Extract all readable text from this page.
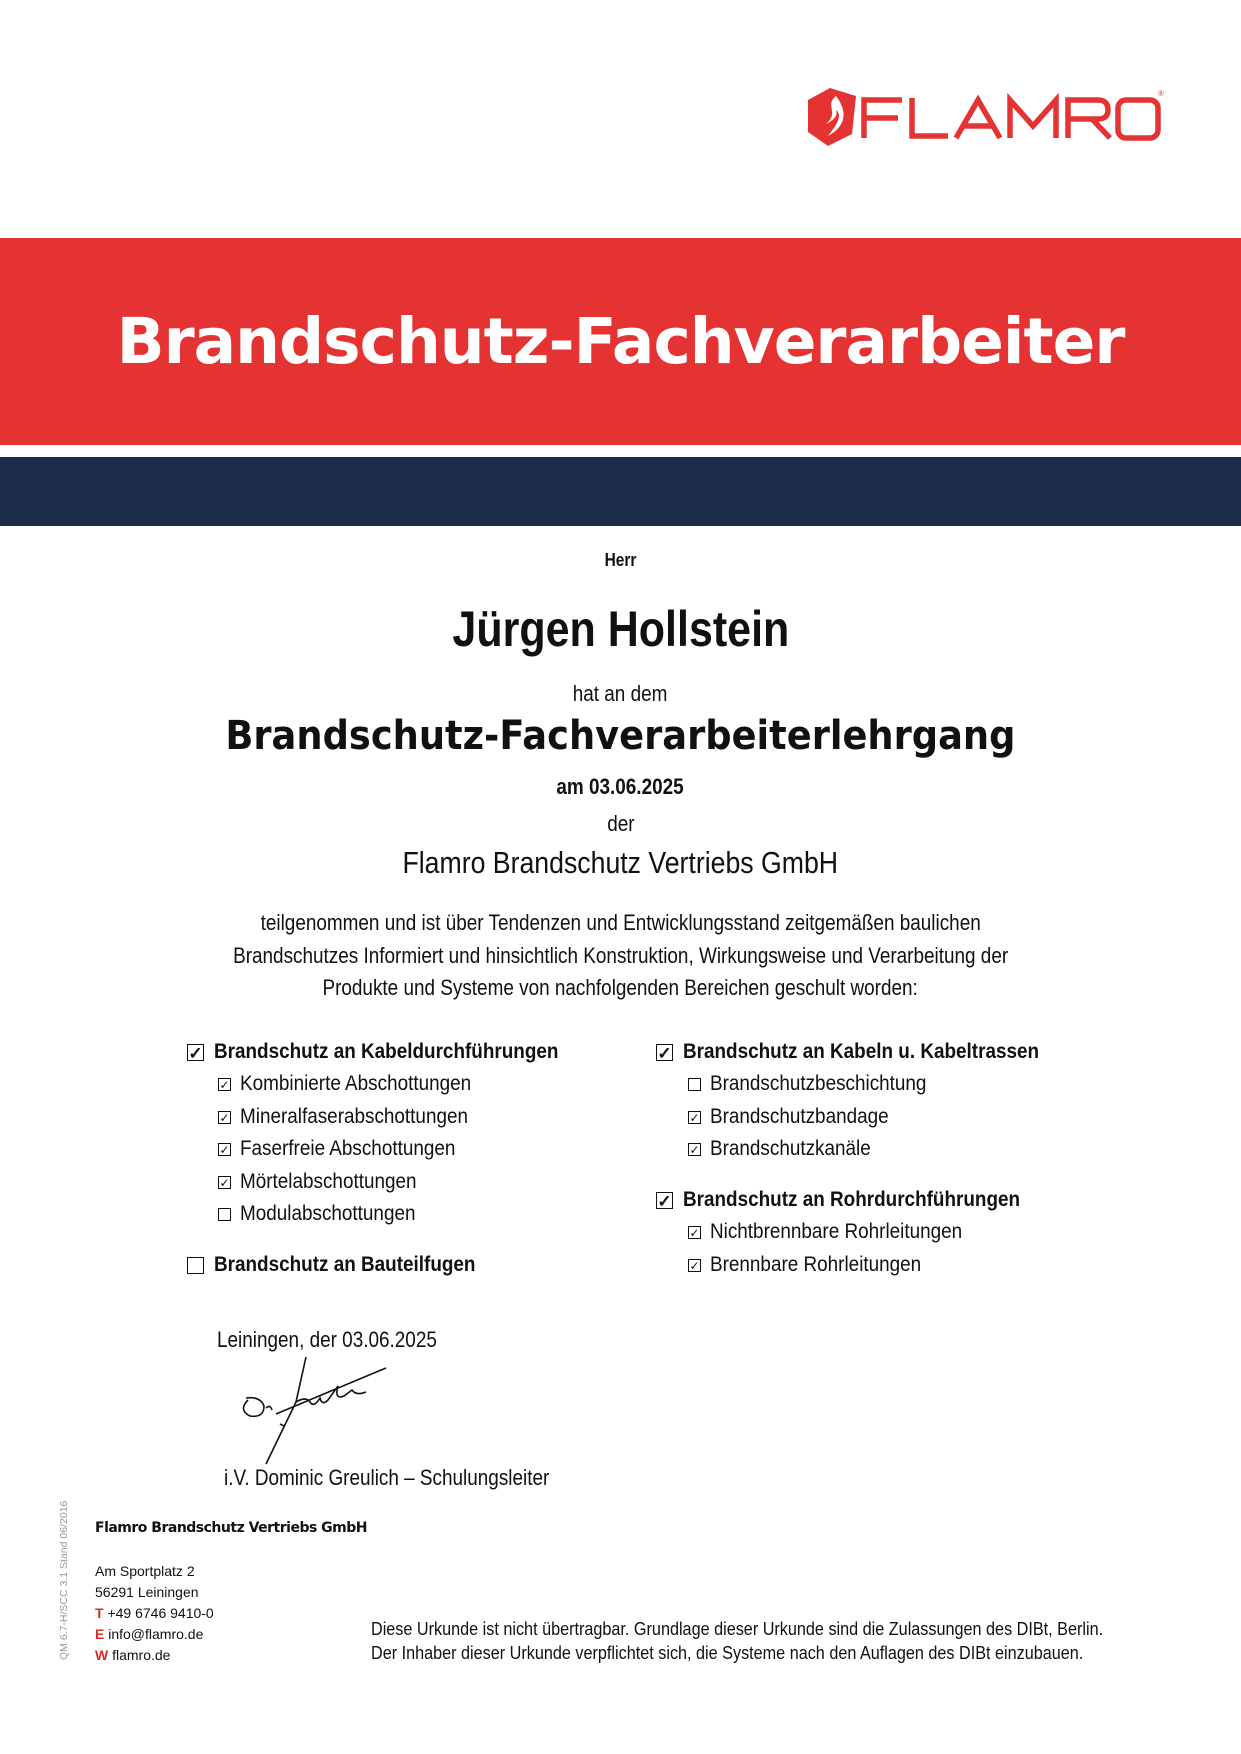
®
Brandschutz-Fachverarbeiter
Herr
Jürgen Hollstein
hat an dem
Brandschutz-Fachverarbeiterlehrgang
am 03.06.2025
der
Flamro Brandschutz Vertriebs GmbH
teilgenommen und ist über Tendenzen und Entwicklungsstand zeitgemäßen baulichen
Brandschutzes Informiert und hinsichtlich Konstruktion, Wirkungsweise und Verarbeitung der
Produkte und Systeme von nachfolgenden Bereichen geschult worden:
✓ Brandschutz an Kabeldurchführungen
✓ Kombinierte Abschottungen
✓ Mineralfaserabschottungen
✓ Faserfreie Abschottungen
✓ Mörtelabschottungen
Modulabschottungen
Brandschutz an Bauteilfugen
✓ Brandschutz an Kabeln u. Kabeltrassen
Brandschutzbeschichtung
✓ Brandschutzbandage
✓ Brandschutzkanäle
✓ Brandschutz an Rohrdurchführungen
✓ Nichtbrennbare Rohrleitungen
✓ Brennbare Rohrleitungen
Leiningen, der 03.06.2025
i.V. Dominic Greulich – Schulungsleiter
QM 6.7-H/SCC 3.1 Stand 06/2016 Flamro Brandschutz Vertriebs GmbH
Am Sportplatz 2
56291 Leiningen
T +49 6746 9410-0
E info@flamro.de
W flamro.de
Diese Urkunde ist nicht übertragbar. Grundlage dieser Urkunde sind die Zulassungen des DIBt, Berlin.
Der Inhaber dieser Urkunde verpflichtet sich, die Systeme nach den Auflagen des DIBt einzubauen.
